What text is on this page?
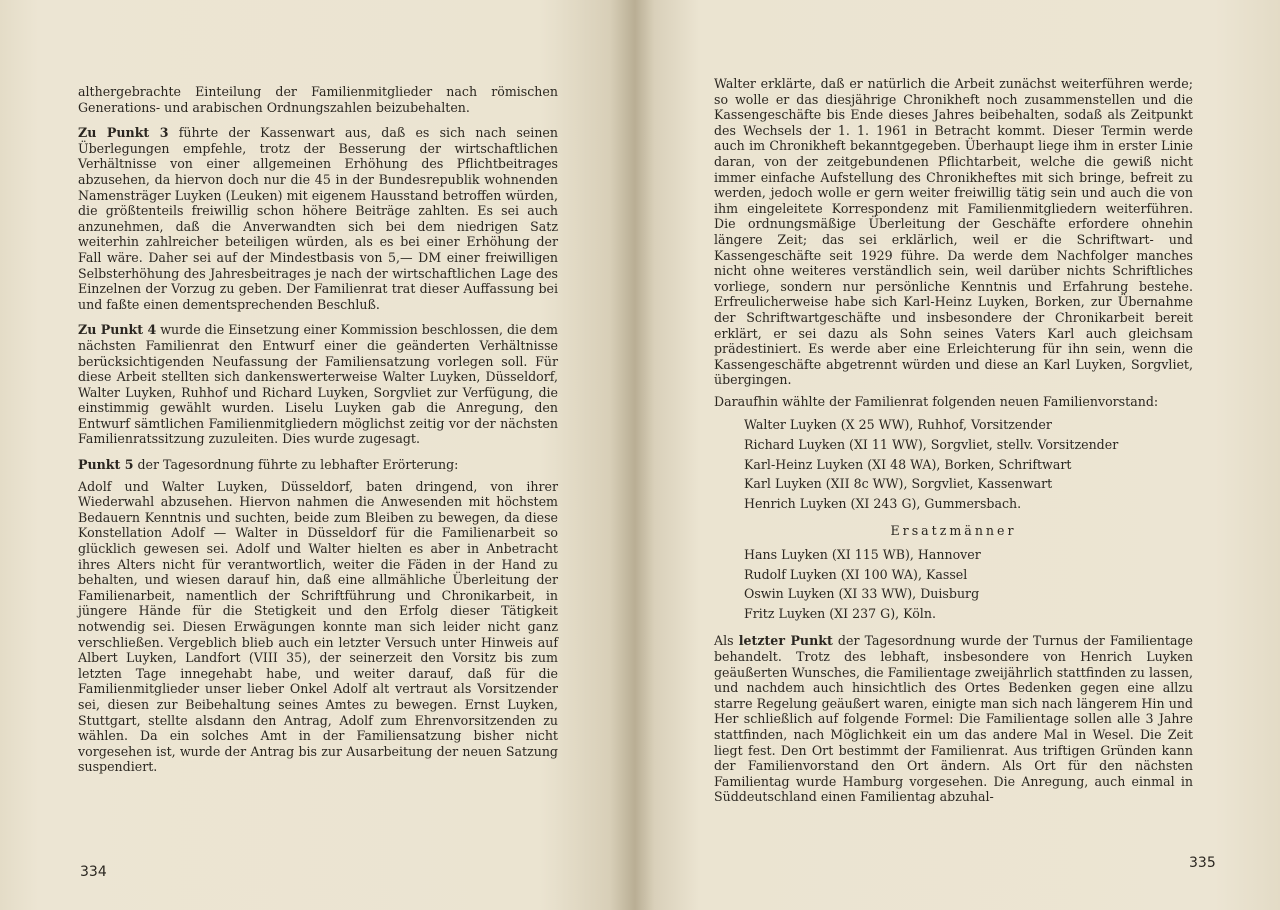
althergebrachte Einteilung der Familienmitglieder nach römischen Generations- und arabischen Ordnungszahlen beizubehalten.

Zu Punkt 3 führte der Kassenwart aus, daß es sich nach seinen Überlegungen empfehle, trotz der Besserung der wirtschaftlichen Verhältnisse von einer allgemeinen Erhöhung des Pflichtbeitrages abzusehen, da hiervon doch nur die 45 in der Bundesrepublik wohnenden Namensträger Luyken (Leuken) mit eigenem Hausstand betroffen würden, die größtenteils freiwillig schon höhere Beiträge zahlten. Es sei auch anzunehmen, daß die Anverwandten sich bei dem niedrigen Satz weiterhin zahlreicher beteiligen würden, als es bei einer Erhöhung der Fall wäre. Daher sei auf der Mindestbasis von 5,— DM einer freiwilligen Selbsterhöhung des Jahresbeitrages je nach der wirtschaftlichen Lage des Einzelnen der Vorzug zu geben. Der Familienrat trat dieser Auffassung bei und faßte einen dementsprechenden Beschluß.

Zu Punkt 4 wurde die Einsetzung einer Kommission beschlossen, die dem nächsten Familienrat den Entwurf einer die geänderten Verhältnisse berücksichtigenden Neufassung der Familiensatzung vorlegen soll. Für diese Arbeit stellten sich dankenswerterweise Walter Luyken, Düsseldorf, Walter Luyken, Ruhhof und Richard Luyken, Sorgvliet zur Verfügung, die einstimmig gewählt wurden. Liselu Luyken gab die Anregung, den Entwurf sämtlichen Familienmitgliedern möglichst zeitig vor der nächsten Familienratssitzung zuzuleiten. Dies wurde zugesagt.

Punkt 5 der Tagesordnung führte zu lebhafter Erörterung:

Adolf und Walter Luyken, Düsseldorf, baten dringend, von ihrer Wiederwahl abzusehen. Hiervon nahmen die Anwesenden mit höchstem Bedauern Kenntnis und suchten, beide zum Bleiben zu bewegen, da diese Konstellation Adolf — Walter in Düsseldorf für die Familienarbeit so glücklich gewesen sei. Adolf und Walter hielten es aber in Anbetracht ihres Alters nicht für verantwortlich, weiter die Fäden in der Hand zu behalten, und wiesen darauf hin, daß eine allmähliche Überleitung der Familienarbeit, namentlich der Schriftführung und Chronikarbeit, in jüngere Hände für die Stetigkeit und den Erfolg dieser Tätigkeit notwendig sei. Diesen Erwägungen konnte man sich leider nicht ganz verschließen. Vergeblich blieb auch ein letzter Versuch unter Hinweis auf Albert Luyken, Landfort (VIII 35), der seinerzeit den Vorsitz bis zum letzten Tage innegehabt habe, und weiter darauf, daß für die Familienmitglieder unser lieber Onkel Adolf alt vertraut als Vorsitzender sei, diesen zur Beibehaltung seines Amtes zu bewegen. Ernst Luyken, Stuttgart, stellte alsdann den Antrag, Adolf zum Ehrenvorsitzenden zu wählen. Da ein solches Amt in der Familiensatzung bisher nicht vorgesehen ist, wurde der Antrag bis zur Ausarbeitung der neuen Satzung suspendiert.

334

Walter erklärte, daß er natürlich die Arbeit zunächst weiterführen werde; so wolle er das diesjährige Chronikheft noch zusammenstellen und die Kassengeschäfte bis Ende dieses Jahres beibehalten, sodaß als Zeitpunkt des Wechsels der 1. 1. 1961 in Betracht kommt. Dieser Termin werde auch im Chronikheft bekanntgegeben. Überhaupt liege ihm in erster Linie daran, von der zeitgebundenen Pflichtarbeit, welche die gewiß nicht immer einfache Aufstellung des Chronikheftes mit sich bringe, befreit zu werden, jedoch wolle er gern weiter freiwillig tätig sein und auch die von ihm eingeleitete Korrespondenz mit Familienmitgliedern weiterführen. Die ordnungsmäßige Überleitung der Geschäfte erfordere ohnehin längere Zeit; das sei erklärlich, weil er die Schriftwart- und Kassengeschäfte seit 1929 führe. Da werde dem Nachfolger manches nicht ohne weiteres verständlich sein, weil darüber nichts Schriftliches vorliege, sondern nur persönliche Kenntnis und Erfahrung bestehe. Erfreulicherweise habe sich Karl-Heinz Luyken, Borken, zur Übernahme der Schriftwartgeschäfte und insbesondere der Chronikarbeit bereit erklärt, er sei dazu als Sohn seines Vaters Karl auch gleichsam prädestiniert. Es werde aber eine Erleichterung für ihn sein, wenn die Kassengeschäfte abgetrennt würden und diese an Karl Luyken, Sorgvliet, übergingen.

Daraufhin wählte der Familienrat folgenden neuen Familienvorstand:

Walter Luyken (X 25 WW), Ruhhof, Vorsitzender
Richard Luyken (XI 11 WW), Sorgvliet, stellv. Vorsitzender
Karl-Heinz Luyken (XI 48 WA), Borken, Schriftwart
Karl Luyken (XII 8c WW), Sorgvliet, Kassenwart
Henrich Luyken (XI 243 G), Gummersbach.
Ersatzmänner
Hans Luyken (XI 115 WB), Hannover
Rudolf Luyken (XI 100 WA), Kassel
Oswin Luyken (XI 33 WW), Duisburg
Fritz Luyken (XI 237 G), Köln.

Als letzter Punkt der Tagesordnung wurde der Turnus der Familientage behandelt. Trotz des lebhaft, insbesondere von Henrich Luyken geäußerten Wunsches, die Familientage zweijährlich stattfinden zu lassen, und nachdem auch hinsichtlich des Ortes Bedenken gegen eine allzu starre Regelung geäußert waren, einigte man sich nach längerem Hin und Her schließlich auf folgende Formel: Die Familientage sollen alle 3 Jahre stattfinden, nach Möglichkeit ein um das andere Mal in Wesel. Die Zeit liegt fest. Den Ort bestimmt der Familienrat. Aus triftigen Gründen kann der Familienvorstand den Ort ändern. Als Ort für den nächsten Familientag wurde Hamburg vorgesehen. Die Anregung, auch einmal in Süddeutschland einen Familientag abzuhal-

335
